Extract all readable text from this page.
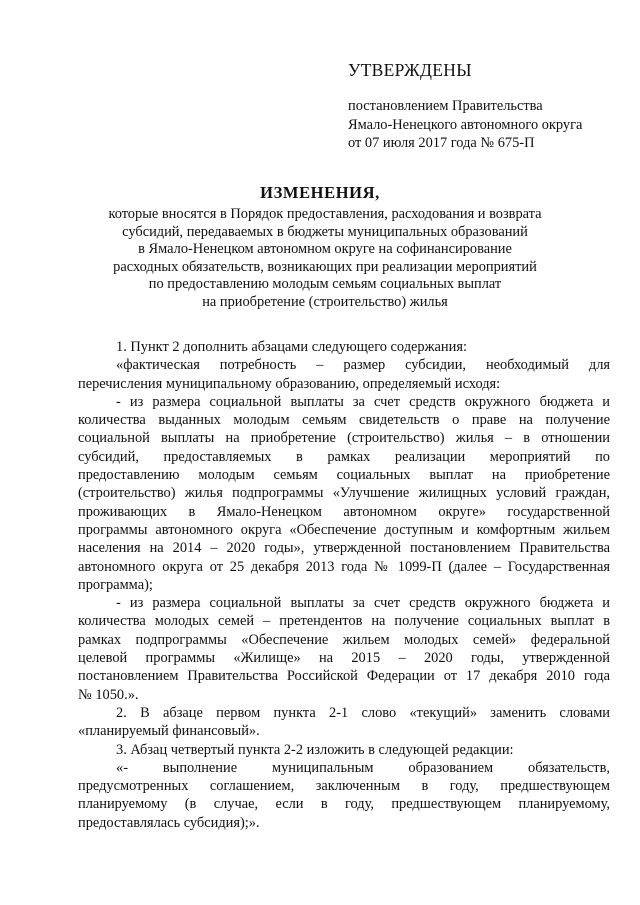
УТВЕРЖДЕНЫ
постановлением Правительства
Ямало-Ненецкого автономного округа
от 07 июля 2017 года № 675-П
ИЗМЕНЕНИЯ,
которые вносятся в Порядок предоставления, расходования и возврата
субсидий, передаваемых в бюджеты муниципальных образований
в Ямало-Ненецком автономном округе на софинансирование
расходных обязательств, возникающих при реализации мероприятий
по предоставлению молодым семьям социальных выплат
на приобретение (строительство) жилья
1. Пункт 2 дополнить абзацами следующего содержания:
«фактическая потребность – размер субсидии, необходимый для
перечисления муниципальному образованию, определяемый исходя:
- из размера социальной выплаты за счет средств окружного бюджета и
количества выданных молодым семьям свидетельств о праве на получение
социальной выплаты на приобретение (строительство) жилья – в отношении
субсидий, предоставляемых в рамках реализации мероприятий по
предоставлению молодым семьям социальных выплат на приобретение
(строительство) жилья подпрограммы «Улучшение жилищных условий граждан,
проживающих в Ямало-Ненецком автономном округе» государственной
программы автономного округа «Обеспечение доступным и комфортным жильем
населения на 2014 – 2020 годы», утвержденной постановлением Правительства
автономного округа от 25 декабря 2013 года № 1099-П (далее – Государственная
программа);
- из размера социальной выплаты за счет средств окружного бюджета и
количества молодых семей – претендентов на получение социальных выплат в
рамках подпрограммы «Обеспечение жильем молодых семей» федеральной
целевой программы «Жилище» на 2015 – 2020 годы, утвержденной
постановлением Правительства Российской Федерации от 17 декабря 2010 года
№ 1050.».
2. В абзаце первом пункта 2-1 слово «текущий» заменить словами
«планируемый финансовый».
3. Абзац четвертый пункта 2-2 изложить в следующей редакции:
«- выполнение муниципальным образованием обязательств,
предусмотренных соглашением, заключенным в году, предшествующем
планируемому (в случае, если в году, предшествующем планируемому,
предоставлялась субсидия);».
